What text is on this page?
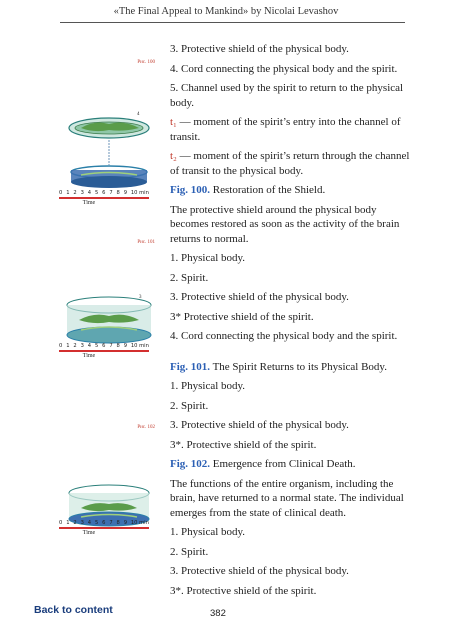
«The Final Appeal to Mankind» by Nicolai Levashov
Рис. 100
5
4
0 1 2 3 4 5 6 7 8 9 10 min
Time
Рис. 101
3
0 1 2 3 4 5 6 7 8 9 10 min
Time
Рис. 102
0 1 2 3 4 5 6 7 8 9 10 min
Time

3. Protective shield of the physical body.

4. Cord connecting the physical body and the spirit.

5. Channel used by the spirit to return to the physical body.

t₁ — moment of the spirit’s entry into the channel of transit.

t₂ — moment of the spirit’s return through the channel of transit to the physical body.

Fig. 100. Restoration of the Shield.

The protective shield around the physical body becomes restored as soon as the activity of the brain returns to normal.

1. Physical body.

2. Spirit.

3. Protective shield of the physical body.

3* Protective shield of the spirit.

4. Cord connecting the physical body and the spirit.

Fig. 101. The Spirit Returns to its Physical Body.

1. Physical body.

2. Spirit.

3. Protective shield of the physical body.

3*. Protective shield of the spirit.

Fig. 102. Emergence from Clinical Death.

The functions of the entire organism, including the brain, have returned to a normal state. The individual emerges from the state of clinical death.

1. Physical body.

2. Spirit.

3. Protective shield of the physical body.

3*. Protective shield of the spirit.

Back to content	382
